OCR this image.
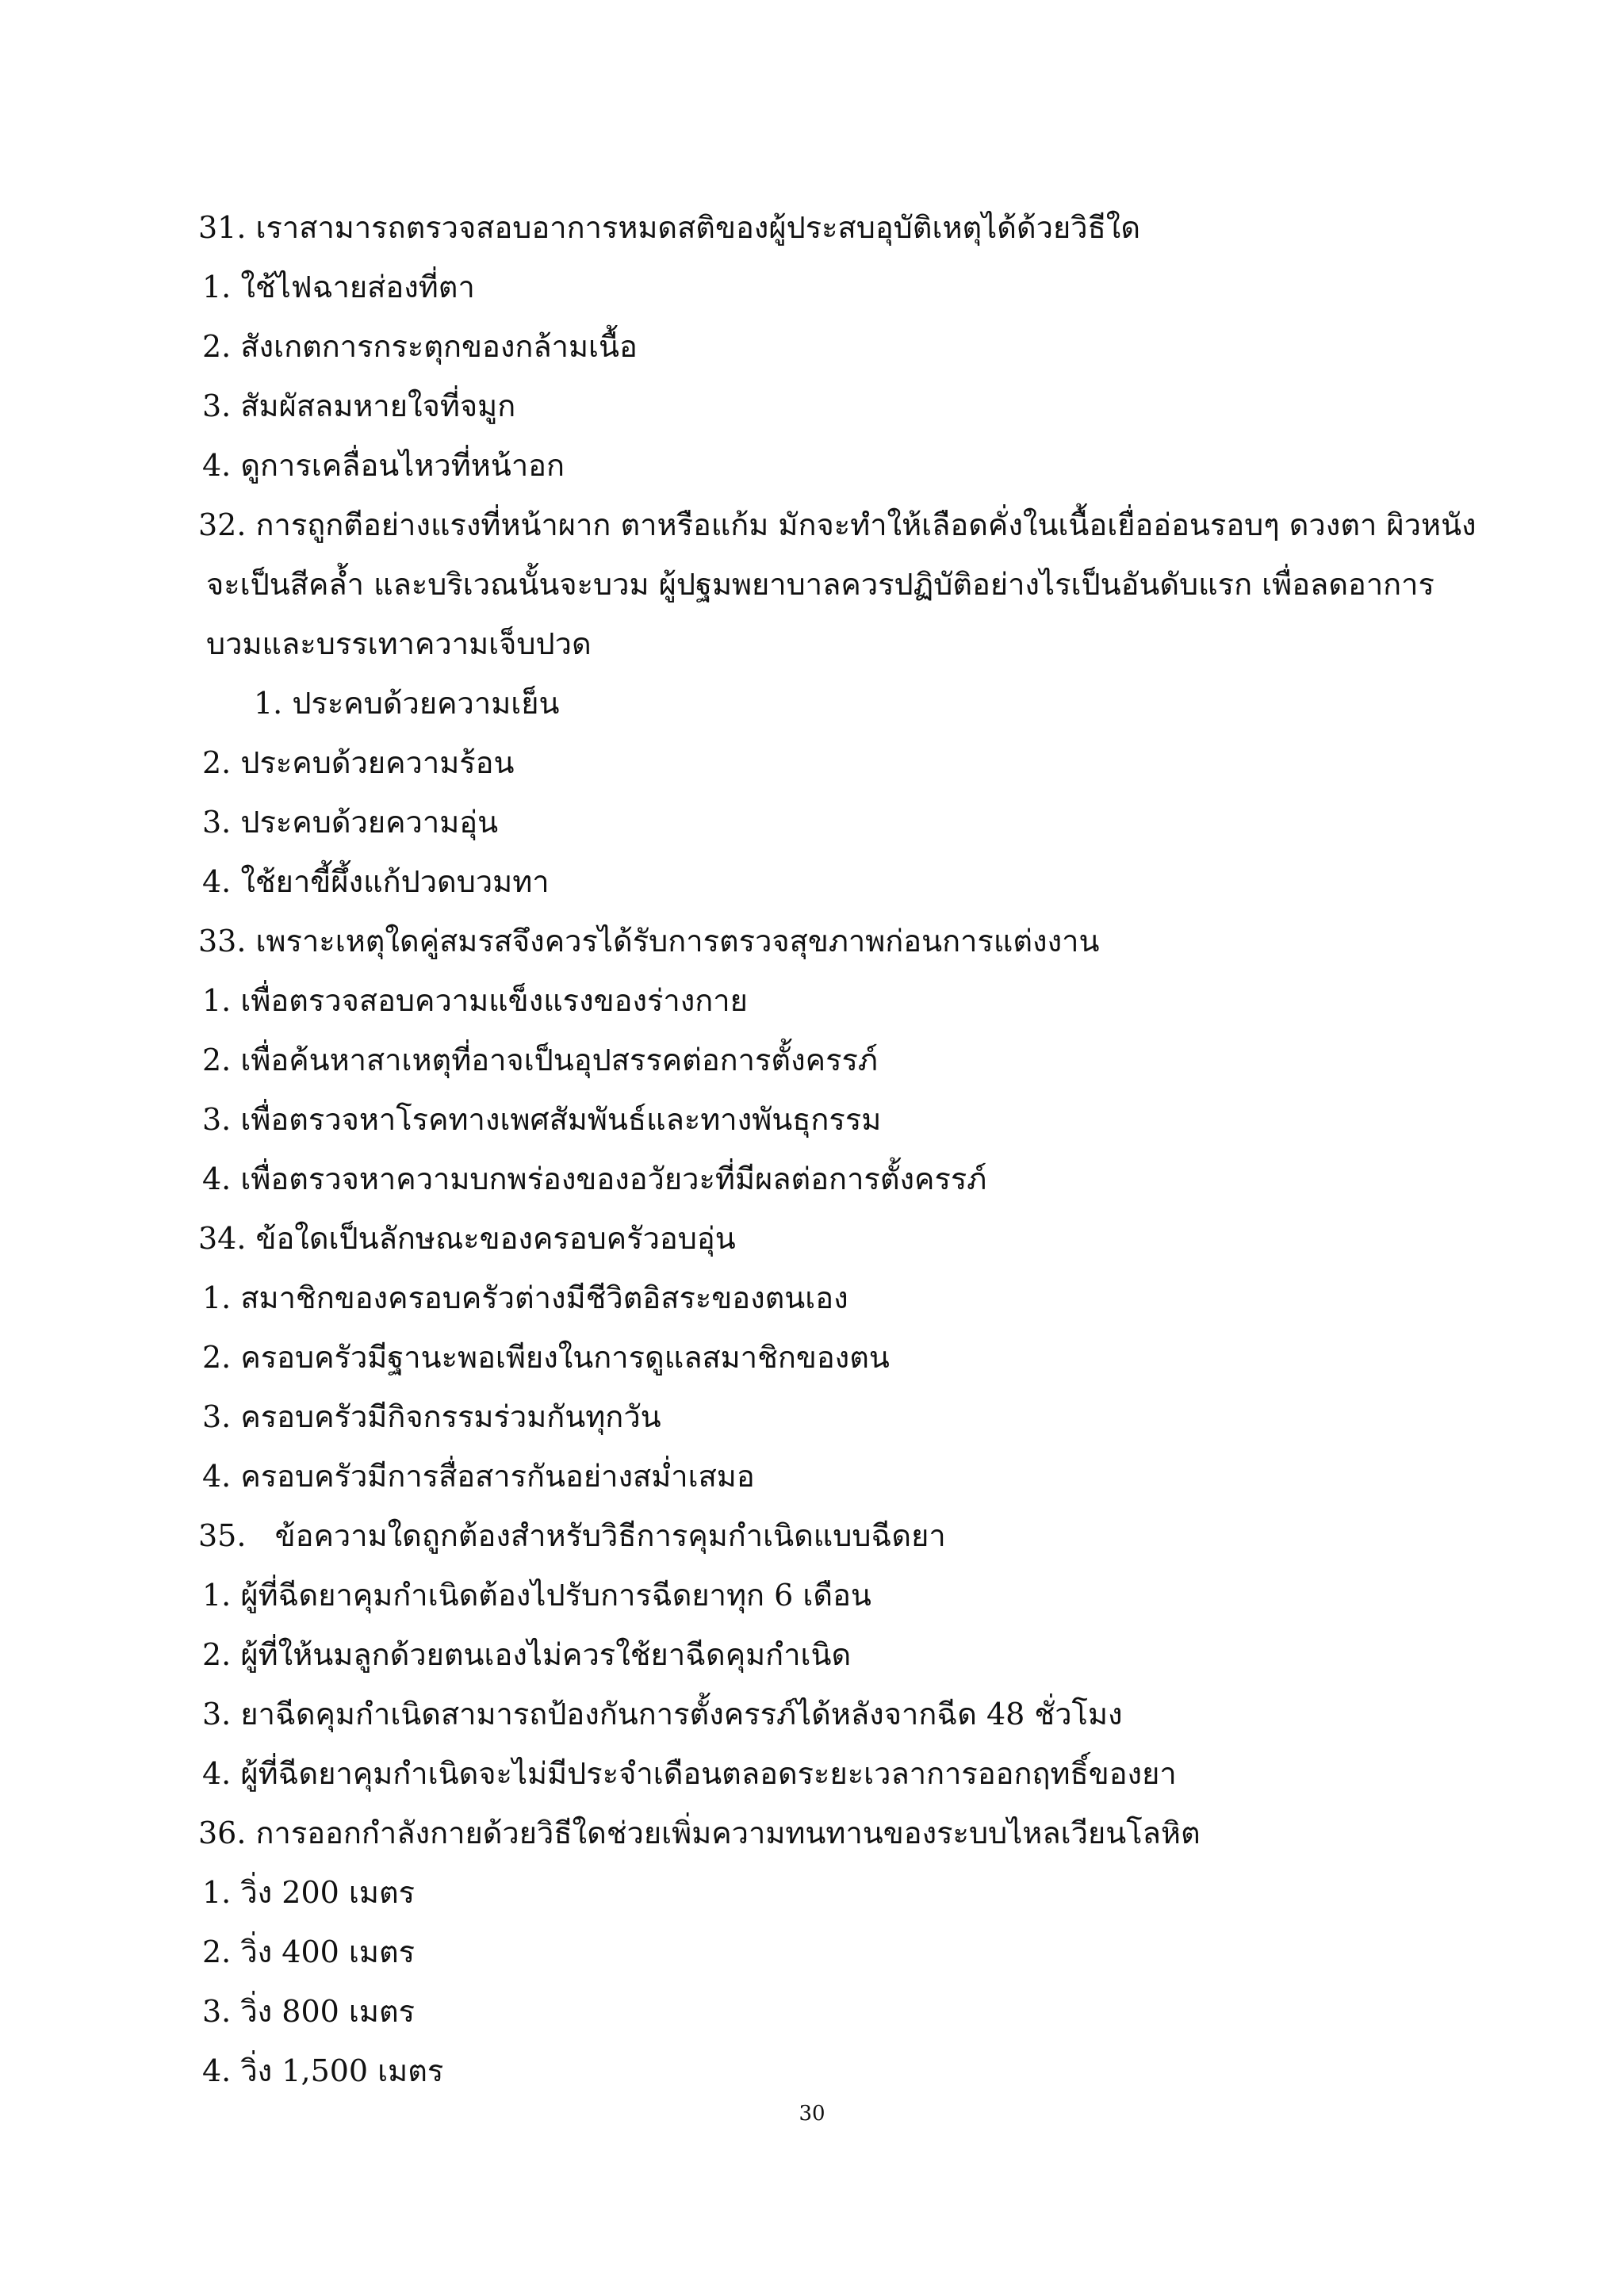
31. เราสามารถตรวจสอบอาการหมดสติของผู้ประสบอุบัติเหตุได้ด้วยวิธีใด
1. ใช้ไฟฉายส่องที่ตา
2. สังเกตการกระตุกของกล้ามเนื้อ
3. สัมผัสลมหายใจที่จมูก
4. ดูการเคลื่อนไหวที่หน้าอก
32. การถูกตีอย่างแรงที่หน้าผาก ตาหรือแก้ม มักจะทำให้เลือดคั่งในเนื้อเยื่ออ่อนรอบๆ ดวงตา ผิวหนัง
จะเป็นสีคล้ำ และบริเวณนั้นจะบวม ผู้ปฐมพยาบาลควรปฏิบัติอย่างไรเป็นอันดับแรก เพื่อลดอาการ
บวมและบรรเทาความเจ็บปวด
1. ประคบด้วยความเย็น
2. ประคบด้วยความร้อน
3. ประคบด้วยความอุ่น
4. ใช้ยาขี้ผึ้งแก้ปวดบวมทา
33. เพราะเหตุใดคู่สมรสจึงควรได้รับการตรวจสุขภาพก่อนการแต่งงาน
1. เพื่อตรวจสอบความแข็งแรงของร่างกาย
2. เพื่อค้นหาสาเหตุที่อาจเป็นอุปสรรคต่อการตั้งครรภ์
3. เพื่อตรวจหาโรคทางเพศสัมพันธ์และทางพันธุกรรม
4. เพื่อตรวจหาความบกพร่องของอวัยวะที่มีผลต่อการตั้งครรภ์
34. ข้อใดเป็นลักษณะของครอบครัวอบอุ่น
1. สมาชิกของครอบครัวต่างมีชีวิตอิสระของตนเอง
2. ครอบครัวมีฐานะพอเพียงในการดูแลสมาชิกของตน
3. ครอบครัวมีกิจกรรมร่วมกันทุกวัน
4. ครอบครัวมีการสื่อสารกันอย่างสม่ำเสมอ
35.   ข้อความใดถูกต้องสำหรับวิธีการคุมกำเนิดแบบฉีดยา
1. ผู้ที่ฉีดยาคุมกำเนิดต้องไปรับการฉีดยาทุก 6 เดือน
2. ผู้ที่ให้นมลูกด้วยตนเองไม่ควรใช้ยาฉีดคุมกำเนิด
3. ยาฉีดคุมกำเนิดสามารถป้องกันการตั้งครรภ์ได้หลังจากฉีด 48 ชั่วโมง
4. ผู้ที่ฉีดยาคุมกำเนิดจะไม่มีประจำเดือนตลอดระยะเวลาการออกฤทธิ์ของยา
36. การออกกำลังกายด้วยวิธีใดช่วยเพิ่มความทนทานของระบบไหลเวียนโลหิต
1. วิ่ง 200 เมตร
2. วิ่ง 400 เมตร
3. วิ่ง 800 เมตร
4. วิ่ง 1,500 เมตร
30
